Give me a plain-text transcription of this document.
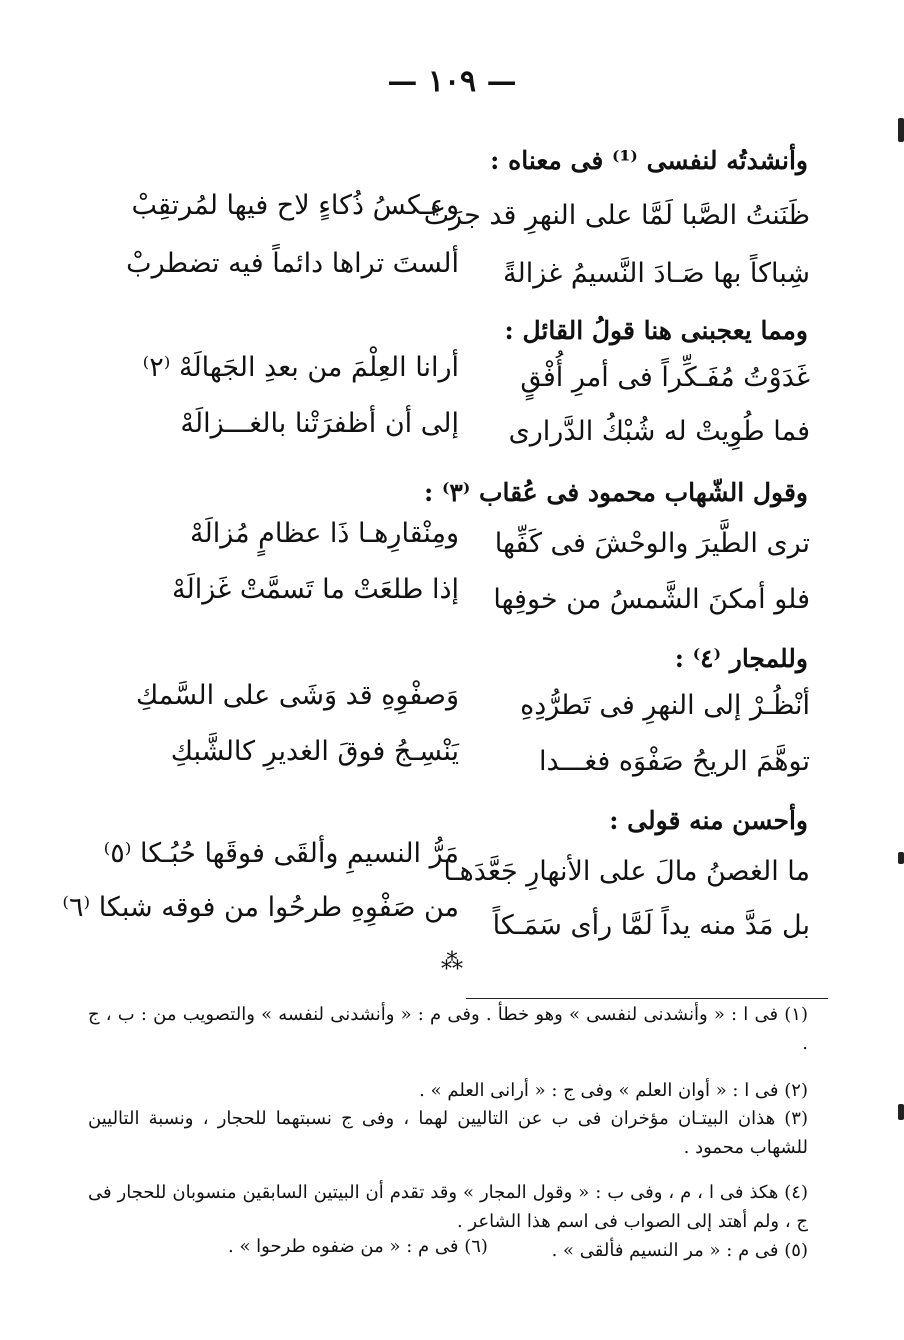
— ١٠٩ —
وأنشدتُه لنفسى ⁽¹⁾ فى معناه :
ظَنَنتُ الصَّبا لَمَّا على النهرِ قد جرَتْ
وعـكسُ ذُكاءٍ لاح فيها لمُرتقِبْ
شِباكاً بها صَـادَ النَّسيمُ غزالةً
ألستَ تراها دائماً فيه تضطربْ
ومما يعجبنى هنا قولُ القائل :
غَدَوْتُ مُفَـكِّراً فى أمرِ أُفْقٍ
أرانا العِلْمَ من بعدِ الجَهالَهْ ⁽٢⁾
فما طُوِيتْ له شُبْكُ الدَّرارى
إلى أن أظفرَتْنا بالغـــزالَهْ
وقول الشّهاب محمود فى عُقاب ⁽٣⁾ :
ترى الطَّيرَ والوحْشَ فى كَفِّها
ومِنْقارِهـا ذَا عظامٍ مُزالَهْ
فلو أمكنَ الشَّمسُ من خوفِها
إذا طلعَتْ ما تَسمَّتْ غَزالَهْ
وللمجار ⁽٤⁾ :
أنْظُـرْ إلى النهرِ فى تَطرُّدِهِ
وَصفْوِهِ قد وَشَى على السَّمكِ
توهَّمَ الريحُ صَفْوَه فغـــدا
يَنْسِـجُ فوقَ الغديرِ كالشَّبكِ
وأحسن منه قولى :
ما الغصنُ مالَ على الأنهارِ جَعَّدَهـا
مَرُّ النسيمِ وألقَى فوقَها حُبُـكا ⁽٥⁾
بل مَدَّ منه يداً لَمَّا رأى سَمَـكاً
من صَفْوِهِ طرحُوا من فوقه شبكا ⁽٦⁾
⁂
(١) فى ا : « وأنشدنى لنفسى » وهو خطأ . وفى م : « وأنشدنى لنفسه » والتصويب من : ب ، ج .
(٢) فى ا : « أوان العلم » وفى ج : « أرانى العلم » .
(٣) هذان البيتـان مؤخران فى ب عن التاليين لهما ، وفى ج نسبتهما للحجار ، ونسبة التاليين للشهاب محمود .
(٤) هكذ فى ا ، م ، وفى ب : « وقول المجار » وقد تقدم أن البيتين السابقين منسوبان للحجار فى ج ، ولم أهتد إلى الصواب فى اسم هذا الشاعر .
(٥) فى م : « مر النسيم فألقى » .
(٦) فى م : « من ضفوه طرحوا » .
